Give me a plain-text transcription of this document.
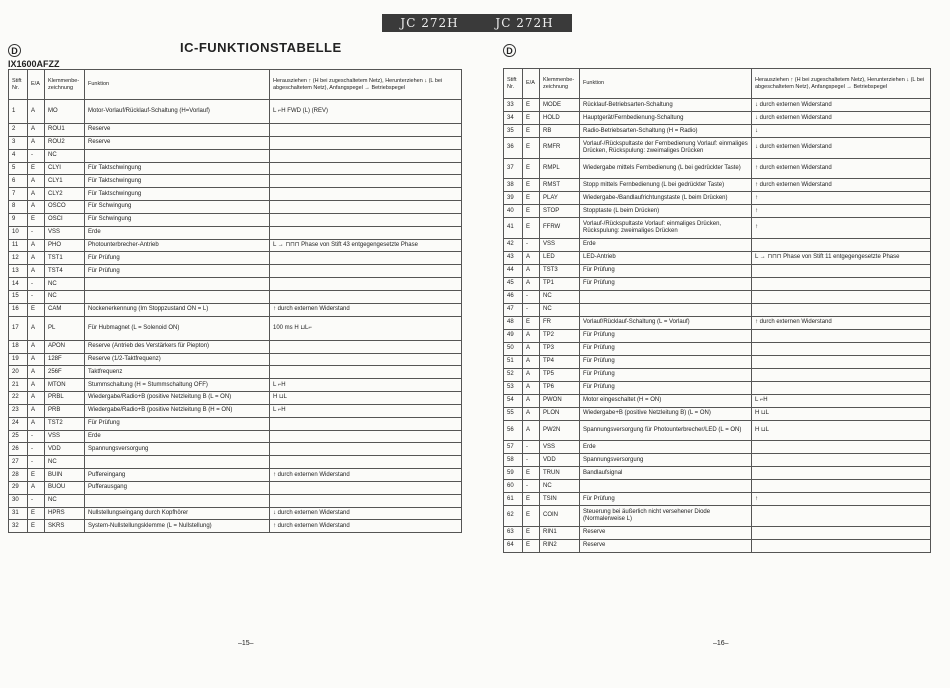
JC 272H	JC 272H
D	IC-FUNKTIONSTABELLE
IX1600AFZZ
D
Stift Nr.	E/A	Klemmenbe- zeichnung	Funktion	Herausziehen ↑ (H bei zugeschaltetem Netz), Herunterziehen ↓ (L bei abgeschaltetem Netz), Anfangspegel → Betriebspegel
1	A	MO	Motor-Vorlauf/Rücklauf-Schaltung (H=Vorlauf)	L ⌐H FWD (L) (REV)
2	A	ROU1	Reserve	
3	A	ROU2	Reserve	
4	-	NC		
5	E	CLYI	Für Taktschwingung	
6	A	CLY1	Für Taktschwingung	
7	A	CLY2	Für Taktschwingung	
8	A	OSCO	Für Schwingung	
9	E	OSCI	Für Schwingung	
10	-	VSS	Erde	
11	A	PHO	Photounterbrecher-Antrieb	L → ⊓⊓⊓ Phase von Stift 43 entgegengesetzte Phase
12	A	TST1	Für Prüfung	
13	A	TST4	Für Prüfung	
14	-	NC		
15	-	NC		
16	E	CAM	Nockenerkennung (Im Stoppzustand ON = L)	↑ durch externen Widerstand
17	A	PL	Für Hubmagnet (L = Solenoid ON)	100 ms H ⊔L⌐
18	A	APON	Reserve (Antrieb des Verstärkers für Piepton)	
19	A	128F	Reserve (1/2-Taktfrequenz)	
20	A	256F	Taktfrequenz	
21	A	MTON	Stummschaltung (H = Stummschaltung OFF)	L ⌐H
22	A	PRBL	Wiedergabe/Radio+B (positive Netzleitung B (L = ON)	H ⊔L
23	A	PRB	Wiedergabe/Radio+B (positive Netzleitung B (H = ON)	L ⌐H
24	A	TST2	Für Prüfung	
25	-	VSS	Erde	
26	-	VDD	Spannungsversorgung	
27	-	NC		
28	E	BUIN	Puffereingang	↑ durch externen Widerstand
29	A	BUOU	Pufferausgang	
30	-	NC		
31	E	HPRS	Nullstellungseingang durch Kopfhörer	↓ durch externen Widerstand
32	E	SKRS	System-Nullstellungsklemme (L = Nullstellung)	↑ durch externen Widerstand
Stift Nr.	E/A	Klemmenbe- zeichnung	Funktion	Herausziehen ↑ (H bei zugeschaltetem Netz), Herunterziehen ↓ (L bei abgeschaltetem Netz), Anfangspegel → Betriebspegel
33	E	MODE	Rücklauf-Betriebsarten-Schaltung	↓ durch externen Widerstand
34	E	HOLD	Hauptgerät/Fernbedienung-Schaltung	↓ durch externen Widerstand
35	E	RB	Radio-Betriebsarten-Schaltung (H = Radio)	↓
36	E	RMFR	Vorlauf-/Rückspultaste der Fernbedienung Vorlauf: einmaliges Drücken, Rückspulung: zweimaliges Drücken	↓ durch externen Widerstand
37	E	RMPL	Wiedergabe mittels Fernbedienung (L bei gedrückter Taste)	↑ durch externen Widerstand
38	E	RMST	Stopp mittels Fernbedienung (L bei gedrückter Taste)	↑ durch externen Widerstand
39	E	PLAY	Wiedergabe-/Bandlaufrichtungstaste (L beim Drücken)	↑
40	E	STOP	Stopptaste (L beim Drücken)	↑
41	E	FFRW	Vorlauf-/Rückspultaste Vorlauf: einmaliges Drücken, Rückspulung: zweimaliges Drücken	↑
42	-	VSS	Erde	
43	A	LED	LED-Antrieb	L → ⊓⊓⊓ Phase von Stift 11 entgegengesetzte Phase
44	A	TST3	Für Prüfung	
45	A	TP1	Für Prüfung	
46	-	NC		
47	-	NC		
48	E	FR	Vorlauf/Rücklauf-Schaltung (L = Vorlauf)	↑ durch externen Widerstand
49	A	TP2	Für Prüfung	
50	A	TP3	Für Prüfung	
51	A	TP4	Für Prüfung	
52	A	TP5	Für Prüfung	
53	A	TP6	Für Prüfung	
54	A	PWON	Motor eingeschaltet (H = ON)	L ⌐H
55	A	PLON	Wiedergabe+B (positive Netzleitung B) (L = ON)	H ⊔L
56	A	PW2N	Spannungsversorgung für Photounterbrecher/LED (L = ON)	H ⊔L
57	-	VSS	Erde	
58	-	VDD	Spannungsversorgung	
59	E	TRUN	Bandlaufsignal	
60	-	NC		
61	E	TSIN	Für Prüfung	↑
62	E	COIN	Steuerung bei äußerlich nicht versehener Diode (Normalerweise L)	
63	E	RIN1	Reserve	
64	E	RIN2	Reserve	
–15–	–16–
